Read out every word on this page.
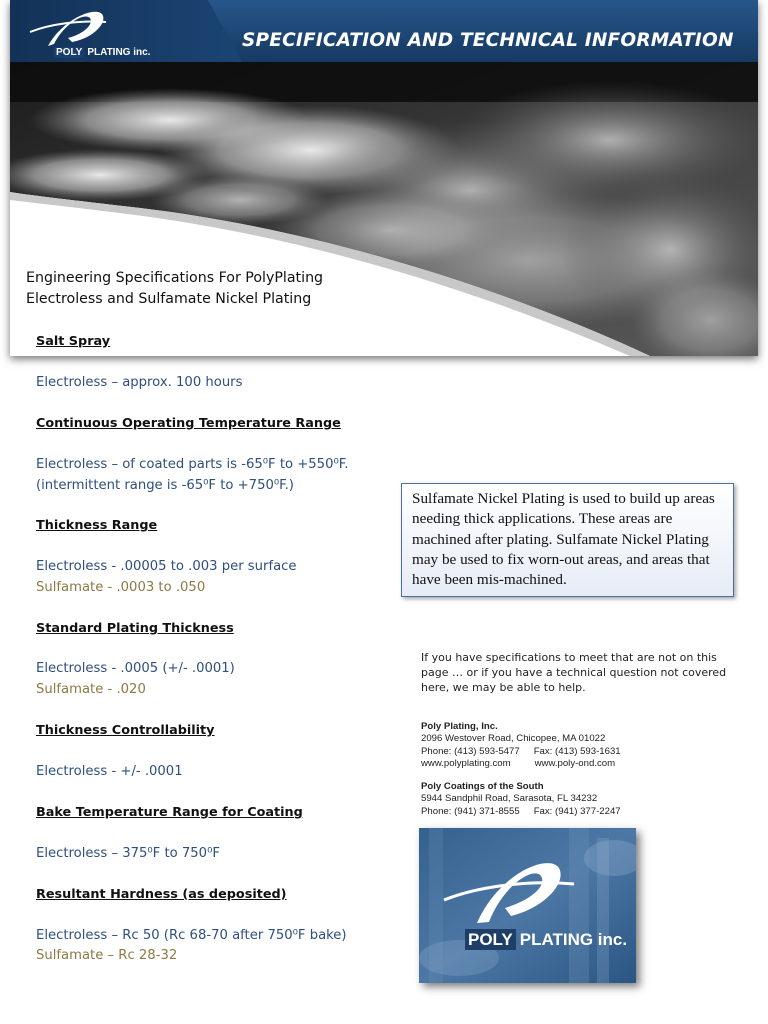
SPECIFICATION AND TECHNICAL INFORMATION
POLY PLATING inc.
Engineering Specifications For PolyPlating
Electroless and Sulfamate Nickel Plating
Salt Spray
Electroless – approx. 100 hours
Continuous Operating Temperature Range
Electroless – of coated parts is -65⁰F to +550⁰F.
(intermittent range is -65⁰F to +750⁰F.)
Thickness Range
Electroless - .00005 to .003 per surface
Sulfamate - .0003 to .050
Standard Plating Thickness
Electroless - .0005 (+/- .0001)
Sulfamate - .020
Thickness Controllability
Electroless - +/- .0001
Bake Temperature Range for Coating
Electroless – 375⁰F to 750⁰F
Resultant Hardness (as deposited)
Electroless – Rc 50 (Rc 68-70 after 750⁰F bake)
Sulfamate – Rc 28-32
Sulfamate Nickel Plating is used to build up areas needing thick applications. These areas are machined after plating. Sulfamate Nickel Plating may be used to fix worn-out areas, and areas that have been mis-machined.
If you have specifications to meet that are not on this page … or if you have a technical question not covered here, we may be able to help.
Poly Plating, Inc.
2096 Westover Road, Chicopee, MA 01022
Phone: (413) 593-5477 Fax: (413) 593-1631
www.polyplating.com	www.poly-ond.com
Poly Coatings of the South
5944 Sandphil Road, Sarasota, FL 34232
Phone: (941) 371-8555 Fax: (941) 377-2247
POLY PLATING inc.
